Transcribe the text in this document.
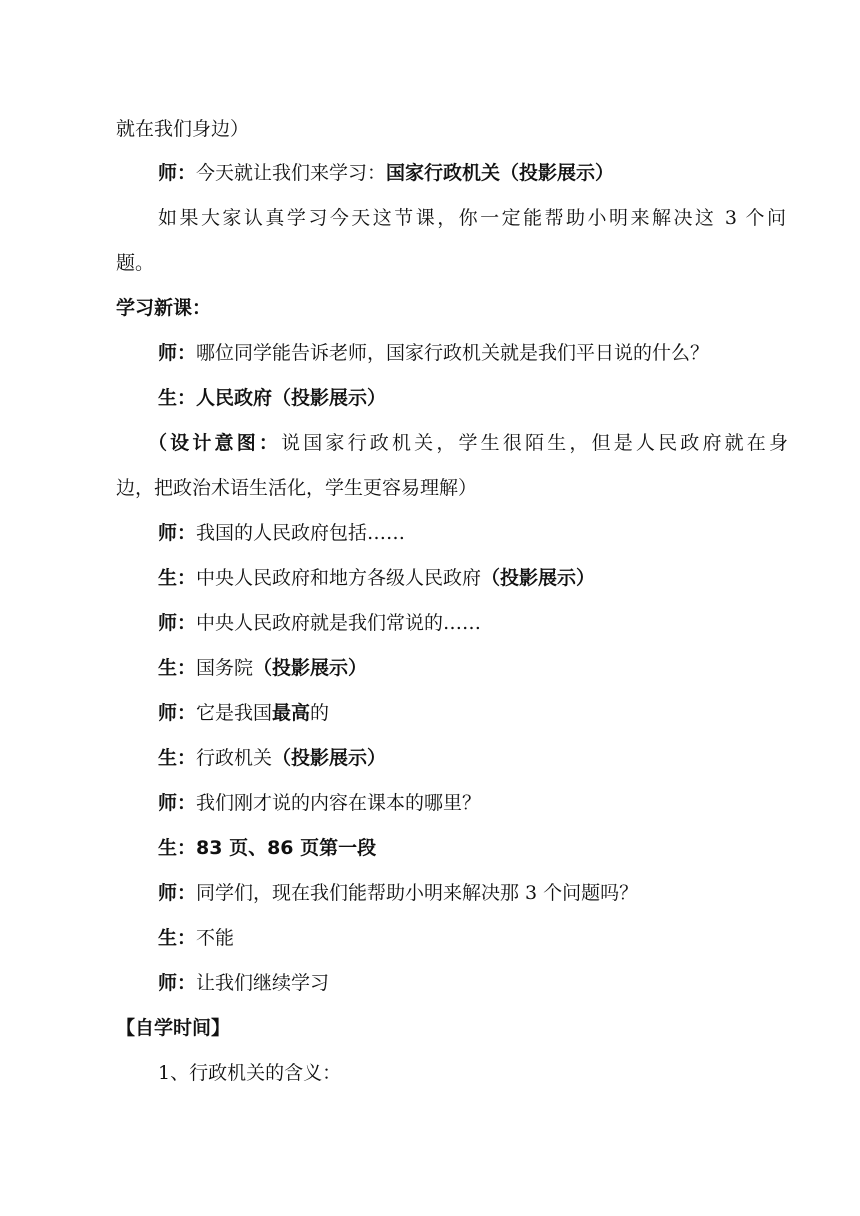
就在我们身边）
师：今天就让我们来学习：国家行政机关（投影展示）
如果大家认真学习今天这节课，你一定能帮助小明来解决这 3 个问
题。
学习新课：
师：哪位同学能告诉老师，国家行政机关就是我们平日说的什么？
生：人民政府（投影展示）
（设计意图：说国家行政机关，学生很陌生，但是人民政府就在身
边，把政治术语生活化，学生更容易理解）
师：我国的人民政府包括……
生：中央人民政府和地方各级人民政府（投影展示）
师：中央人民政府就是我们常说的……
生：国务院（投影展示）
师：它是我国最高的
生：行政机关（投影展示）
师：我们刚才说的内容在课本的哪里？
生：83 页、86 页第一段
师：同学们，现在我们能帮助小明来解决那 3 个问题吗？
生：不能
师：让我们继续学习
【自学时间】
1、行政机关的含义：
